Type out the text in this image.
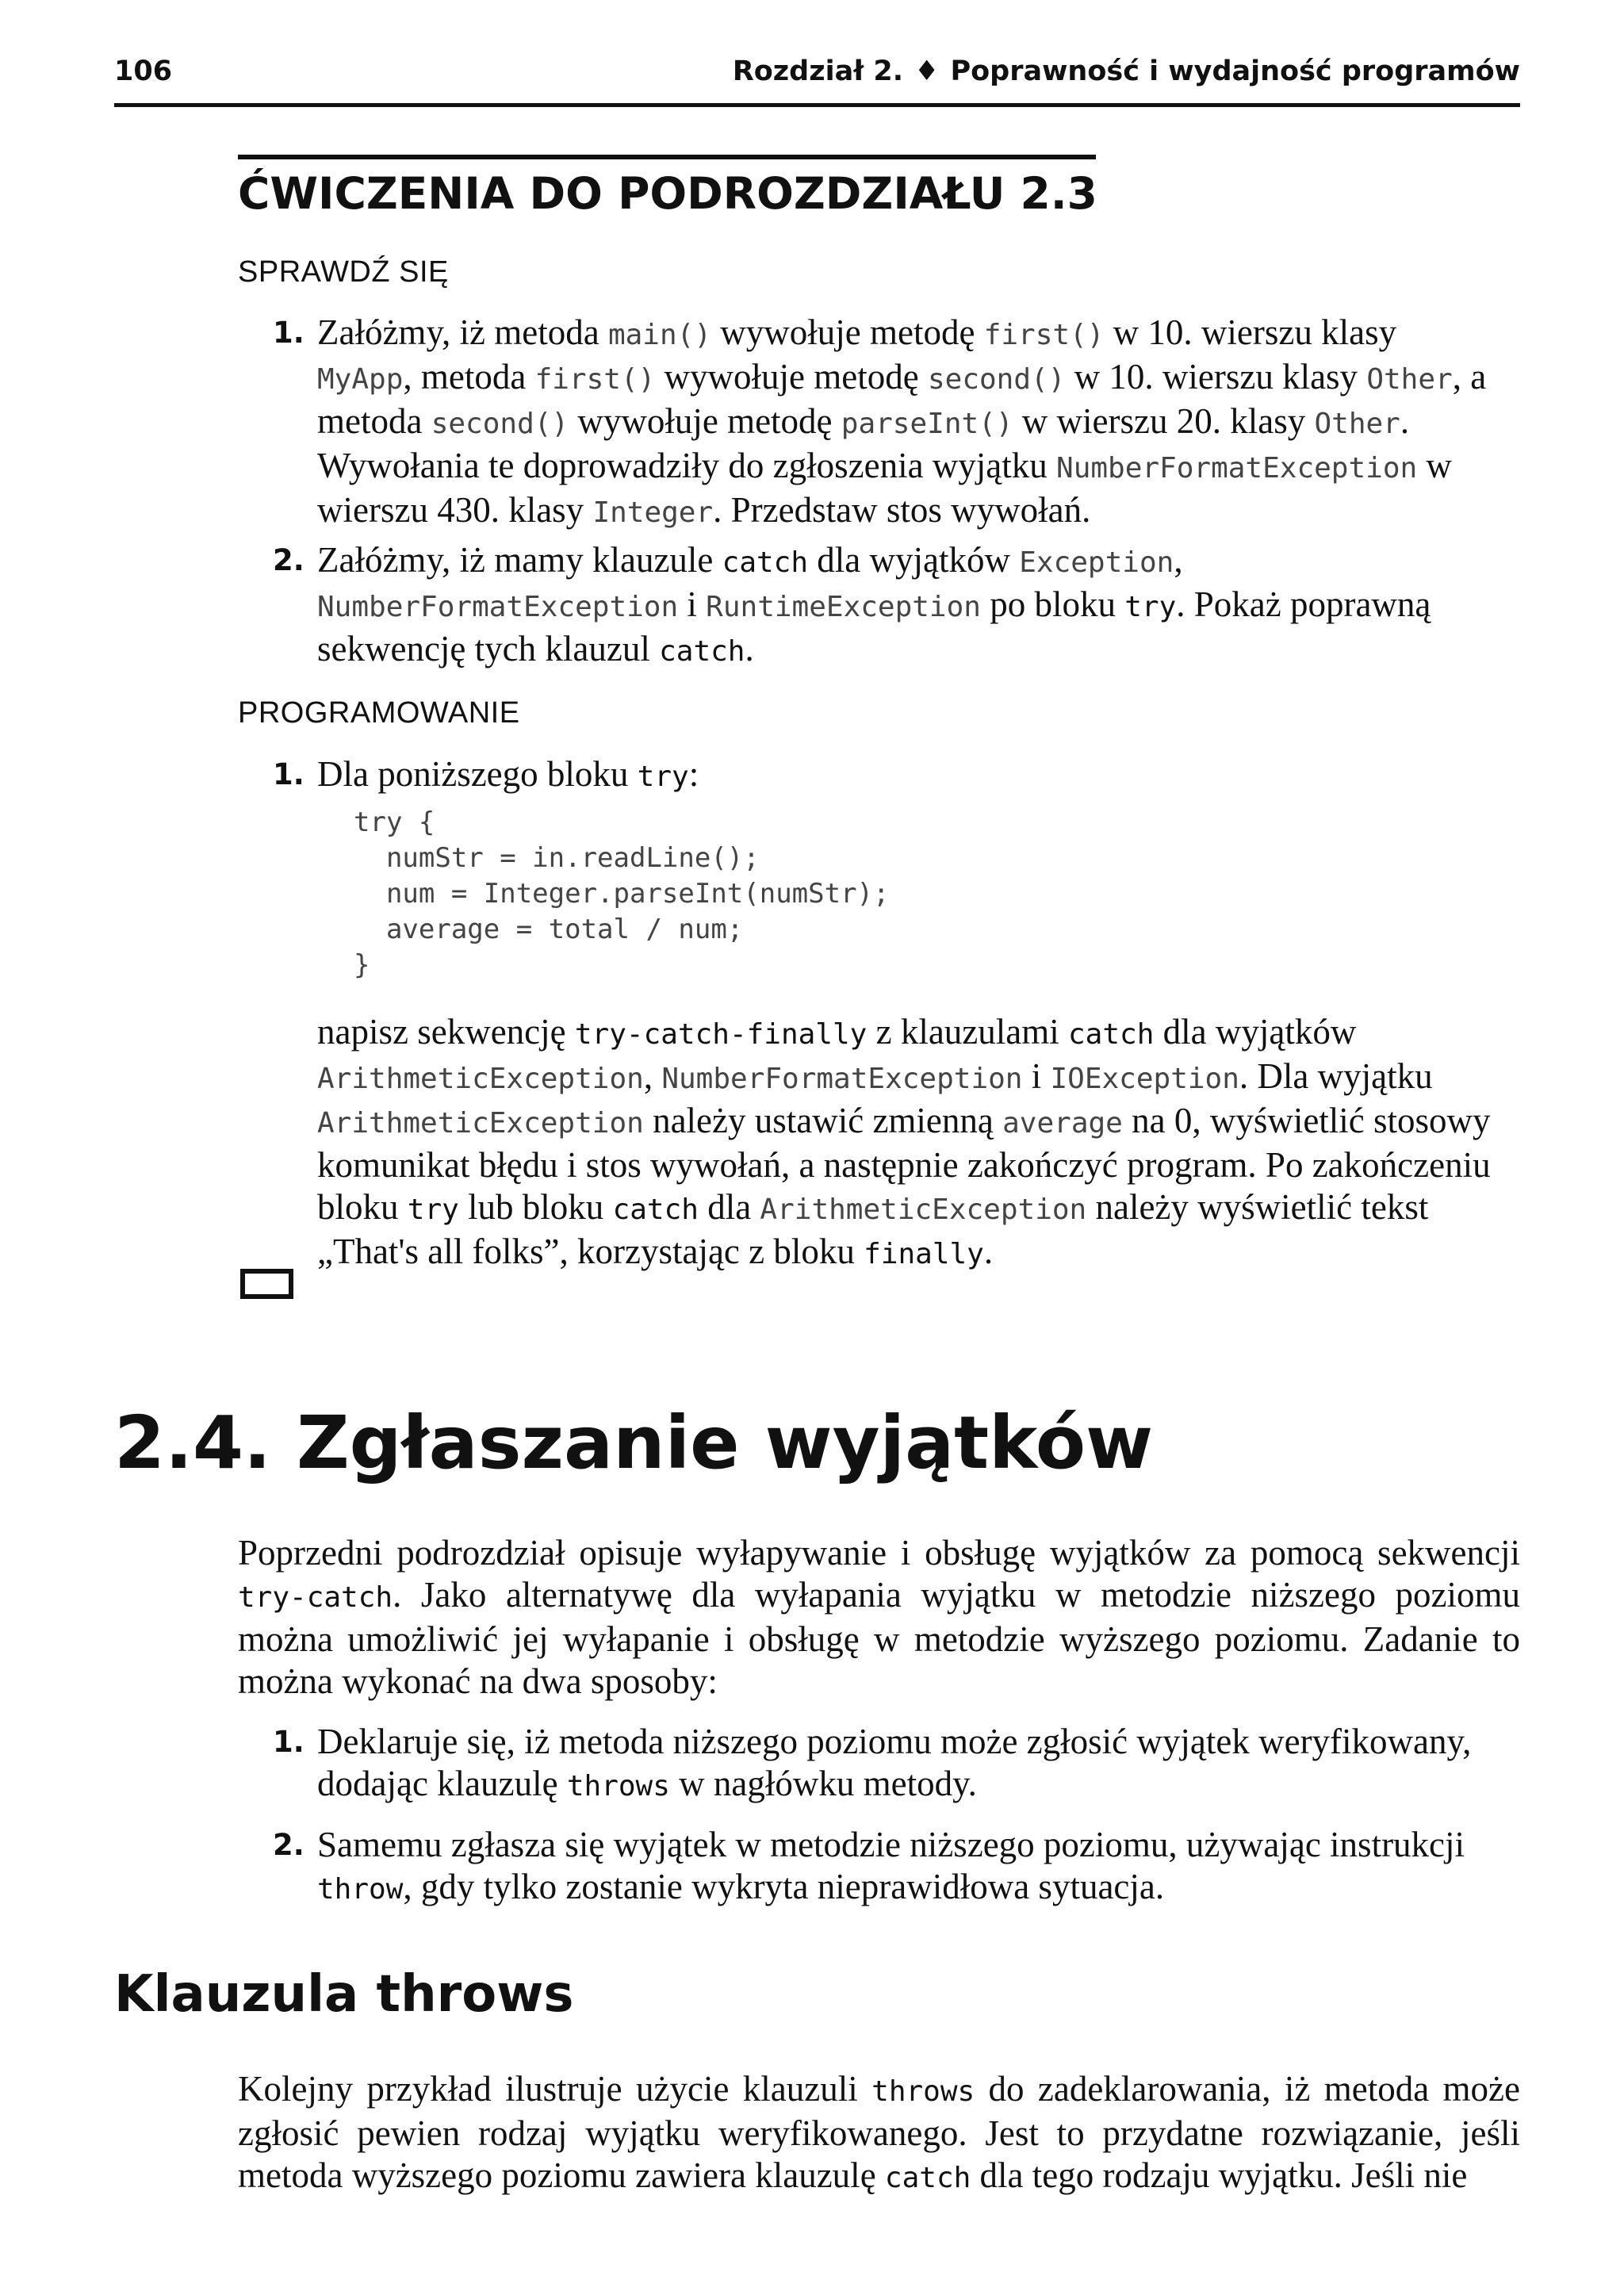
106	Rozdział 2. ♦ Poprawność i wydajność programów
ĆWICZENIA DO PODROZDZIAŁU 2.3
SPRAWDŹ SIĘ
1. Załóżmy, iż metoda main() wywołuje metodę first() w 10. wierszu klasy MyApp, metoda first() wywołuje metodę second() w 10. wierszu klasy Other, a metoda second() wywołuje metodę parseInt() w wierszu 20. klasy Other. Wywołania te doprowadziły do zgłoszenia wyjątku NumberFormatException w wierszu 430. klasy Integer. Przedstaw stos wywołań.
2. Załóżmy, iż mamy klauzule catch dla wyjątków Exception, NumberFormatException i RuntimeException po bloku try. Pokaż poprawną sekwencję tych klauzul catch.
PROGRAMOWANIE
1. Dla poniższego bloku try:
try {
numStr = in.readLine();
num = Integer.parseInt(numStr);
average = total / num;
}
napisz sekwencję try-catch-finally z klauzulami catch dla wyjątków ArithmeticException, NumberFormatException i IOException. Dla wyjątku ArithmeticException należy ustawić zmienną average na 0, wyświetlić stosowy komunikat błędu i stos wywołań, a następnie zakończyć program. Po zakończeniu bloku try lub bloku catch dla ArithmeticException należy wyświetlić tekst „That's all folks”, korzystając z bloku finally.
2.4. Zgłaszanie wyjątków
Poprzedni podrozdział opisuje wyłapywanie i obsługę wyjątków za pomocą sekwencji try-catch. Jako alternatywę dla wyłapania wyjątku w metodzie niższego poziomu można umożliwić jej wyłapanie i obsługę w metodzie wyższego poziomu. Zadanie to można wykonać na dwa sposoby:
1. Deklaruje się, iż metoda niższego poziomu może zgłosić wyjątek weryfikowany, dodając klauzulę throws w nagłówku metody.
2. Samemu zgłasza się wyjątek w metodzie niższego poziomu, używając instrukcji throw, gdy tylko zostanie wykryta nieprawidłowa sytuacja.
Klauzula throws
Kolejny przykład ilustruje użycie klauzuli throws do zadeklarowania, iż metoda może zgłosić pewien rodzaj wyjątku weryfikowanego. Jest to przydatne rozwiązanie, jeśli metoda wyższego poziomu zawiera klauzulę catch dla tego rodzaju wyjątku. Jeśli nie
